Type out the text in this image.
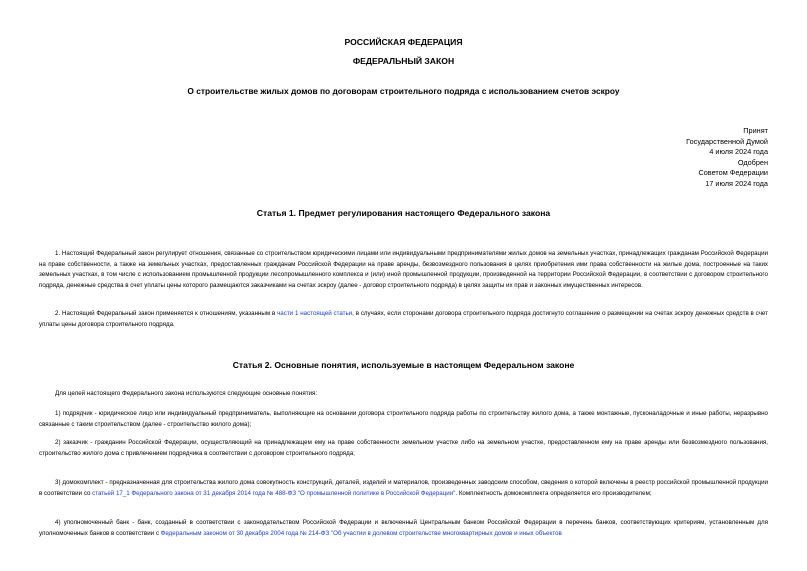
РОССИЙСКАЯ ФЕДЕРАЦИЯ
ФЕДЕРАЛЬНЫЙ ЗАКОН
О строительстве жилых домов по договорам строительного подряда с использованием счетов эскроу
Принят
Государственной Думой
4 июля 2024 года
Одобрен
Советом Федерации
17 июля 2024 года
Статья 1. Предмет регулирования настоящего Федерального закона
1. Настоящий Федеральный закон регулирует отношения, связанные со строительством юридическими лицами или индивидуальными предпринимателями жилых домов на земельных участках, принадлежащих гражданам Российской Федерации на праве собственности, а также на земельных участках, предоставленных гражданам Российской Федерации на праве аренды, безвозмездного пользования в целях приобретения ими права собственности на жилые дома, построенные на таких земельных участках, в том числе с использованием промышленной продукции лесопромышленного комплекса и (или) иной промышленной продукции, произведенной на территории Российской Федерации, в соответствии с договором строительного подряда, денежные средства в счет уплаты цены которого размещаются заказчиками на счетах эскроу (далее - договор строительного подряда) в целях защиты их прав и законных имущественных интересов.
2. Настоящий Федеральный закон применяется к отношениям, указанным в части 1 настоящей статьи, в случаях, если сторонами договора строительного подряда достигнуто соглашение о размещении на счетах эскроу денежных средств в счет уплаты цены договора строительного подряда.
Статья 2. Основные понятия, используемые в настоящем Федеральном законе
Для целей настоящего Федерального закона используются следующие основные понятия:
1) подрядчик - юридическое лицо или индивидуальный предприниматель, выполняющие на основании договора строительного подряда работы по строительству жилого дома, а также монтажные, пусконаладочные и иные работы, неразрывно связанные с таким строительством (далее - строительство жилого дома);
2) заказчик - гражданин Российской Федерации, осуществляющий на принадлежащем ему на праве собственности земельном участке либо на земельном участке, предоставленном ему на праве аренды или безвозмездного пользования, строительство жилого дома с привлечением подрядчика в соответствии с договором строительного подряда;
3) домокомплект - предназначенная для строительства жилого дома совокупность конструкций, деталей, изделий и материалов, произведенных заводским способом, сведения о которой включены в реестр российской промышленной продукции в соответствии со статьей 17_1 Федерального закона от 31 декабря 2014 года № 488-ФЗ "О промышленной политике в Российской Федерации". Комплектность домокомплекта определяется его производителем;
4) уполномоченный банк - банк, созданный в соответствии с законодательством Российской Федерации и включенный Центральным банком Российской Федерации в перечень банков, соответствующих критериям, установленным для уполномоченных банков в соответствии с Федеральным законом от 30 декабря 2004 года № 214-ФЗ "Об участии в долевом строительстве многоквартирных домов и иных объектов
